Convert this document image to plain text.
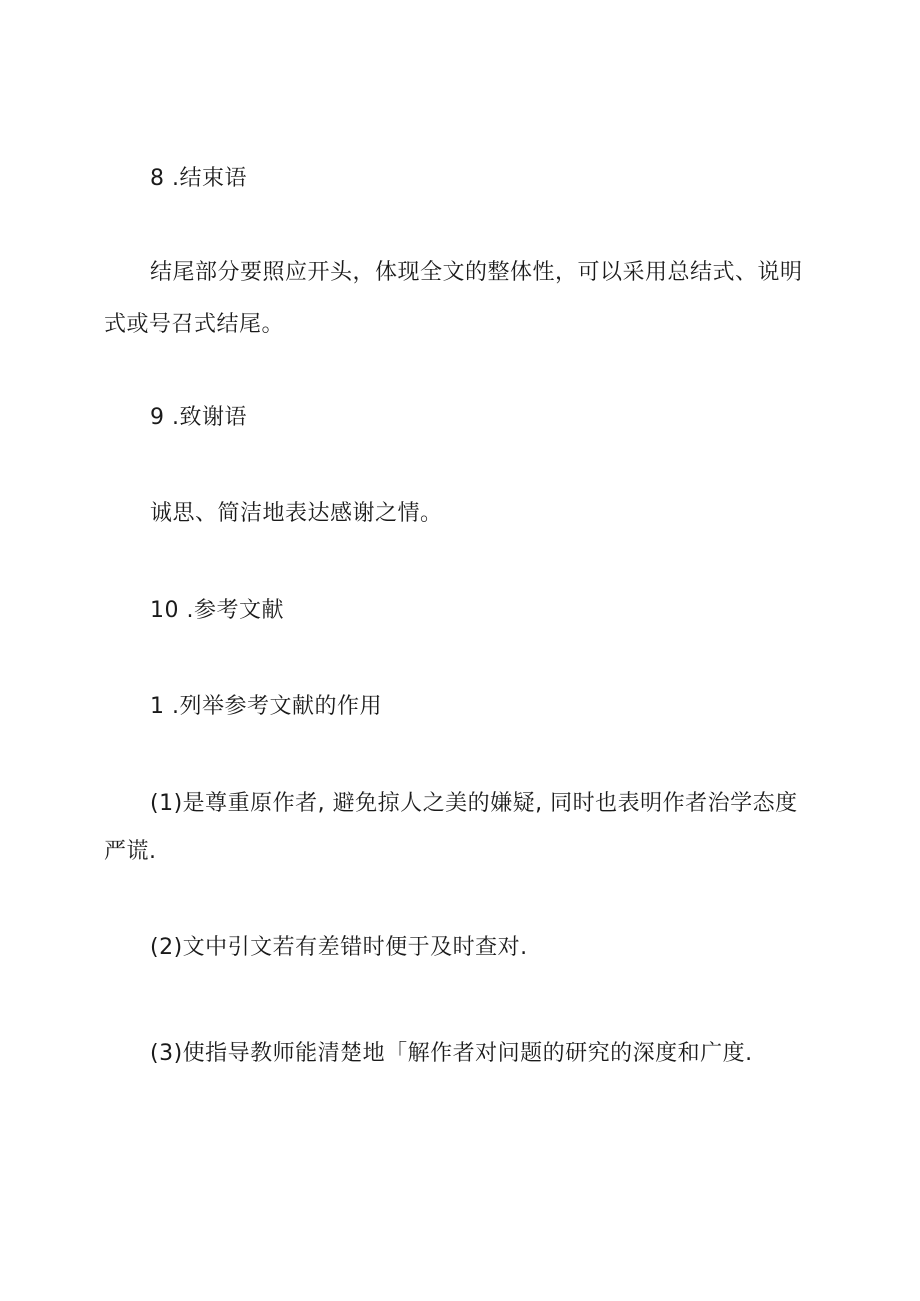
8 .结束语
结尾部分要照应开头，体现全文的整体性，可以采用总结式、说明
式或号召式结尾。
9 .致谢语
诚思、简洁地表达感谢之情。
10 .参考文献
1 .列举参考文献的作用
(1)是尊重原作者, 避免掠人之美的嫌疑, 同时也表明作者治学态度
严谎.
(2)文中引文若有差错时便于及时查对.
(3)使指导教师能清楚地「解作者对问题的研究的深度和广度.
